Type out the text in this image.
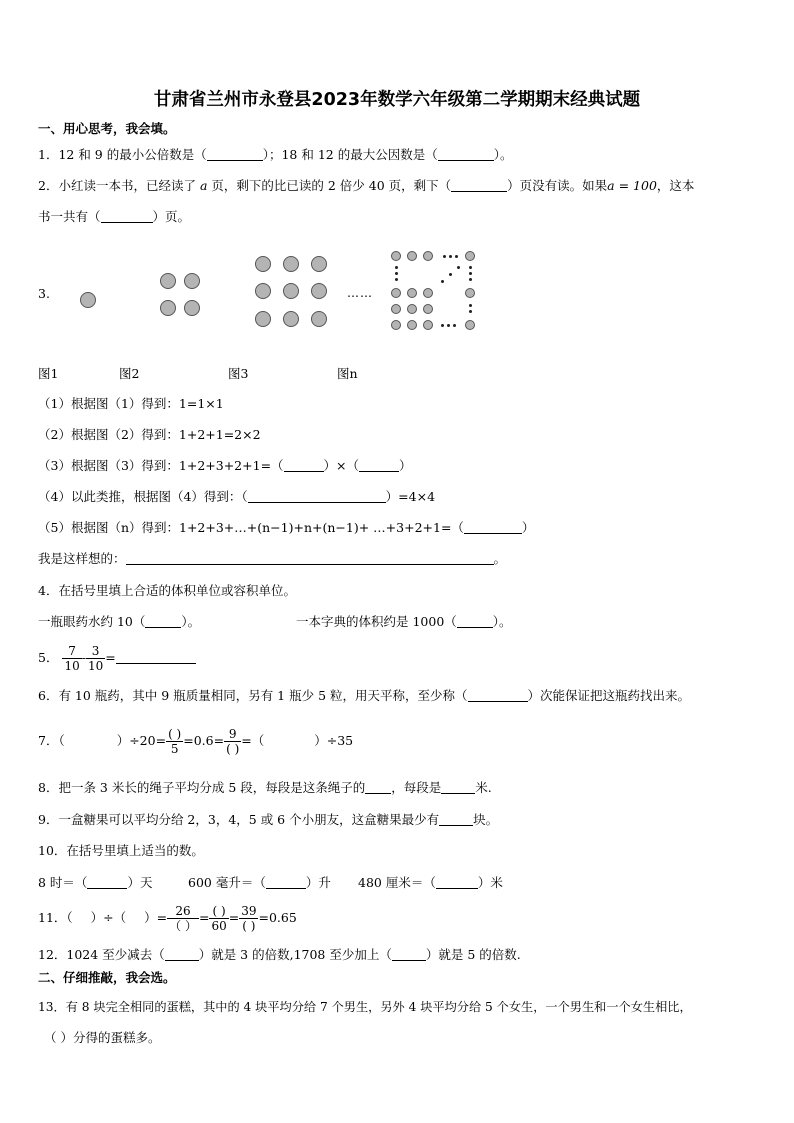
甘肃省兰州市永登县2023年数学六年级第二学期期末经典试题
一、用心思考，我会填。
1．12 和 9 的最小公倍数是（	）；18 和 12 的最大公因数是（	）。
2．小红读一本书，已经读了 a 页，剩下的比已读的 2 倍少 40 页，剩下（	）页没有读。如果a = 100，这本
书一共有（	）页。
3.	……
图1	图2	图3	图n
（1）根据图（1）得到：1=1×1
（2）根据图（2）得到：1+2+1=2×2
（3）根据图（3）得到：1+2+3+2+1=（	）×（	）
（4）以此类推，根据图（4）得到：（	）=4×4
（5）根据图（n）得到：1+2+3+…+(n−1)+n+(n−1)+ …+3+2+1=（	）
我是这样想的：	。
4．在括号里填上合适的体积单位或容积单位。
一瓶眼药水约 10（	）。	一本字典的体积约是 1000（	）。
5． $\frac{7}{10} - \frac{3}{10}$ =
6．有 10 瓶药，其中 9 瓶质量相同，另有 1 瓶少 5 粒，用天平称，至少称（	）次能保证把这瓶药找出来。
7．（	）$\div 20= \frac{( )}{5} =0.6= \frac{9}{( )}$ =（	）÷35
8．把一条 3 米长的绳子平均分成 5 段，每段是这条绳子的 ，每段是	米.
9．一盒糖果可以平均分给 2，3，4，5 或 6 个小朋友，这盒糖果最少有	块。
10．在括号里填上适当的数。
8 时＝（	）天	600 毫升＝（	）升 480 厘米＝（	）米
11．（ ）÷（ ）= $\frac{26}{( )} = \frac{( )}{60} = \frac{39}{( )} =0.65$
12．1024 至少减去（	）就是 3 的倍数,1708 至少加上（	）就是 5 的倍数.
二、仔细推敲，我会选。
13．有 8 块完全相同的蛋糕，其中的 4 块平均分给 7 个男生，另外 4 块平均分给 5 个女生，一个男生和一个女生相比，
（ ）分得的蛋糕多。
